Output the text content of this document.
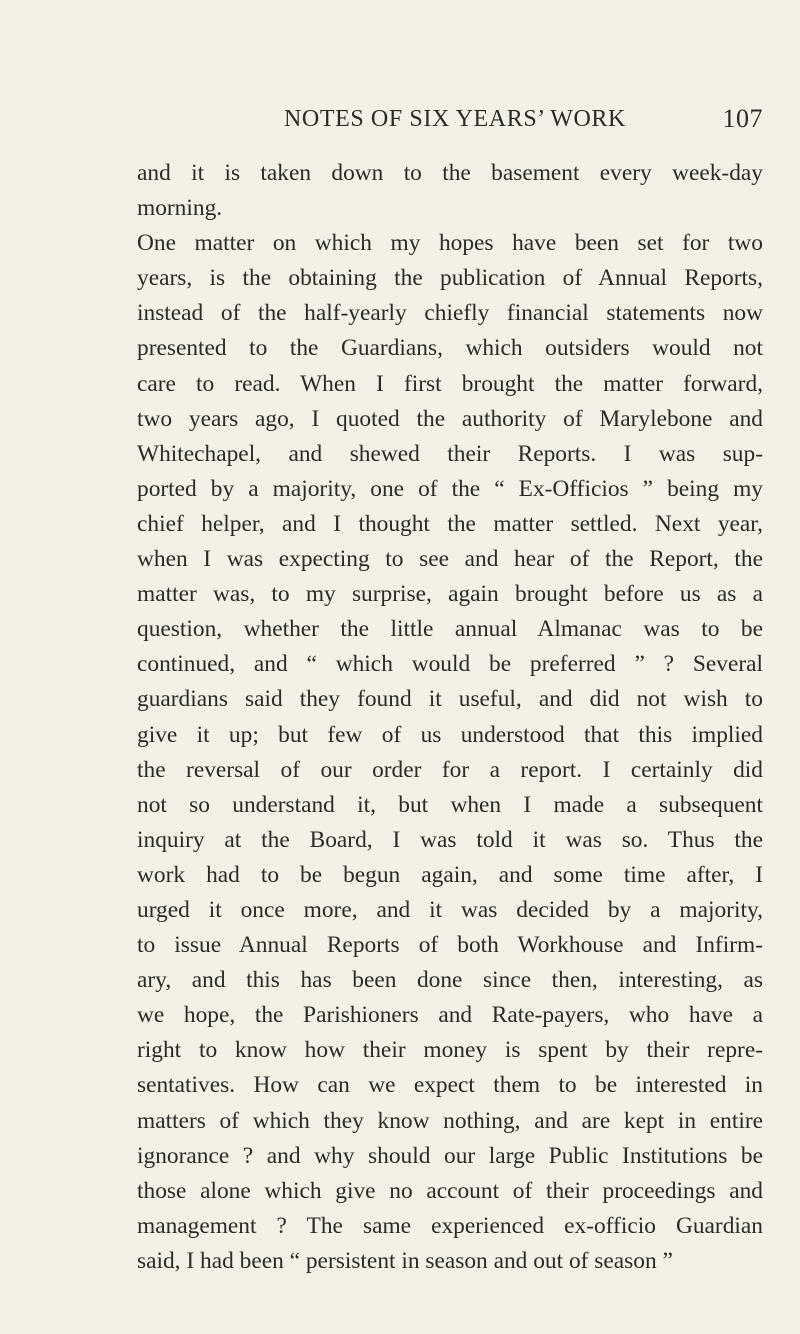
NOTES OF SIX YEARS’ WORK	107
and it is taken down to the basement every week-day
morning.
One matter on which my hopes have been set for two
years, is the obtaining the publication of Annual Reports,
instead of the half-yearly chiefly financial statements now
presented to the Guardians, which outsiders would not
care to read. When I first brought the matter forward,
two years ago, I quoted the authority of Marylebone and
Whitechapel, and shewed their Reports. I was sup-
ported by a majority, one of the “ Ex-Officios ” being my
chief helper, and I thought the matter settled. Next year,
when I was expecting to see and hear of the Report, the
matter was, to my surprise, again brought before us as a
question, whether the little annual Almanac was to be
continued, and “ which would be preferred ” ? Several
guardians said they found it useful, and did not wish to
give it up; but few of us understood that this implied
the reversal of our order for a report. I certainly did
not so understand it, but when I made a subsequent
inquiry at the Board, I was told it was so. Thus the
work had to be begun again, and some time after, I
urged it once more, and it was decided by a majority,
to issue Annual Reports of both Workhouse and Infirm-
ary, and this has been done since then, interesting, as
we hope, the Parishioners and Rate-payers, who have a
right to know how their money is spent by their repre-
sentatives. How can we expect them to be interested in
matters of which they know nothing, and are kept in entire
ignorance ? and why should our large Public Institutions be
those alone which give no account of their proceedings and
management ? The same experienced ex-officio Guardian
said, I had been “ persistent in season and out of season ”
